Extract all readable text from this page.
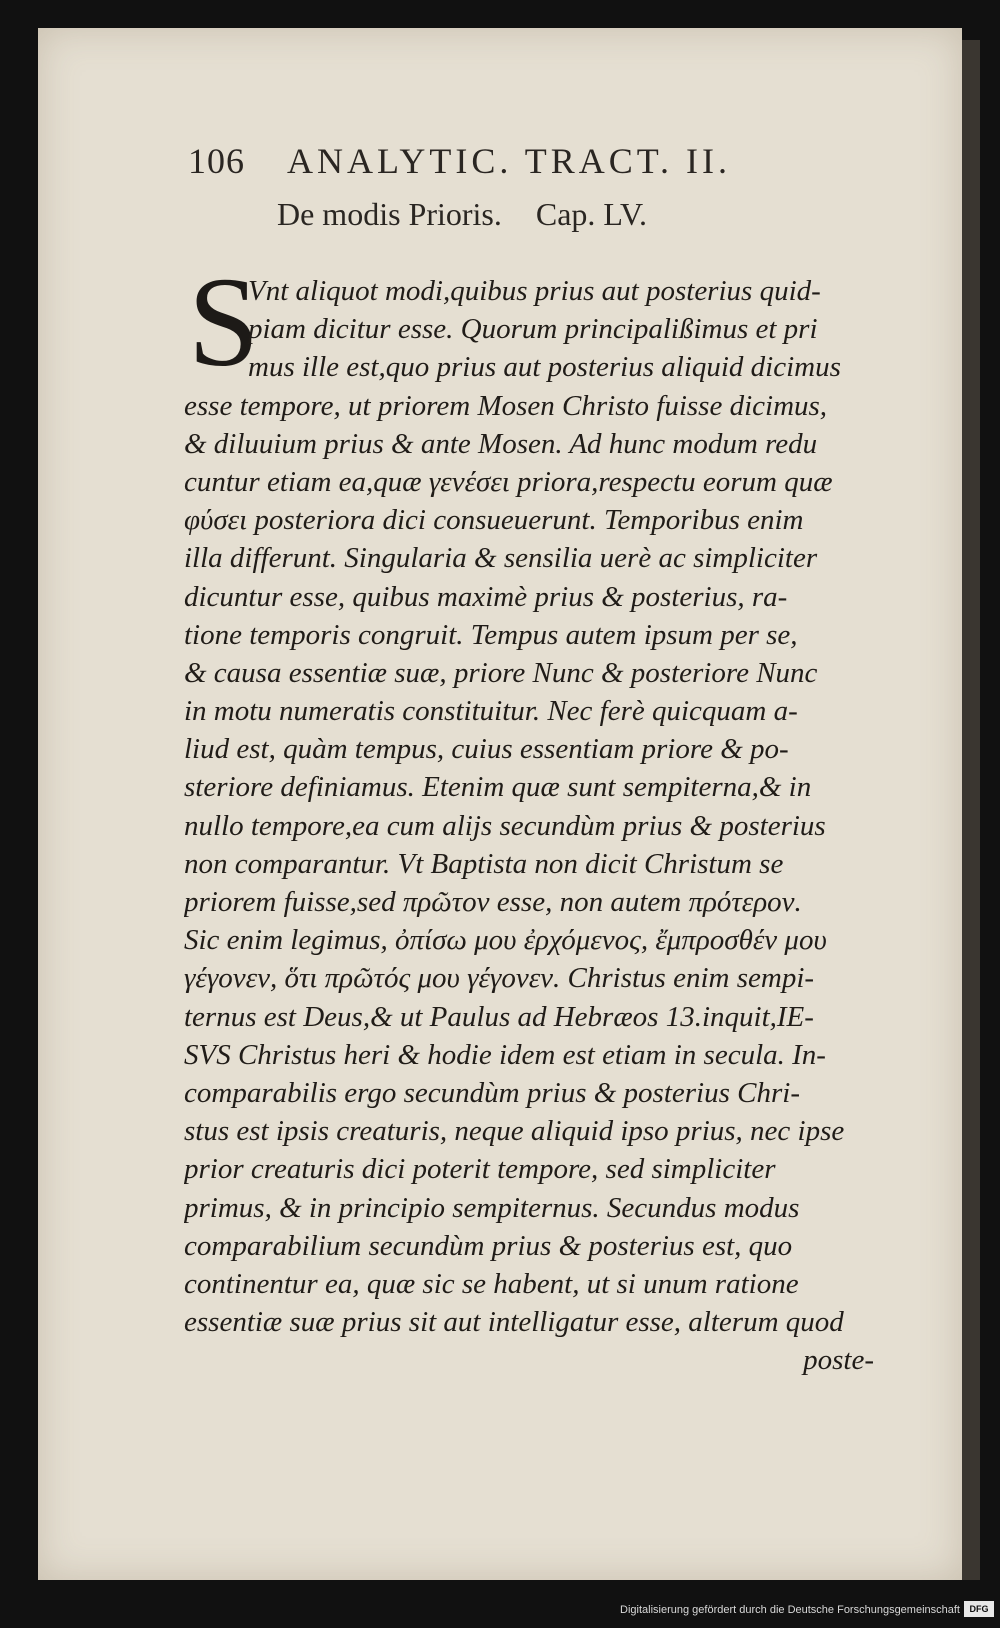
106 ANALYTIC. TRACT. II.
De modis Prioris. Cap. LV.
S
Vnt aliquot modi,quibus prius aut posterius quid-
piam dicitur esse. Quorum principalißimus et pri
mus ille est,quo prius aut posterius aliquid dicimus
esse tempore, ut priorem Mosen Christo fuisse dicimus,
& diluuium prius & ante Mosen. Ad hunc modum redu
cuntur etiam ea,quæ γενέσει priora,respectu eorum quæ
φύσει posteriora dici consueuerunt. Temporibus enim
illa differunt. Singularia & sensilia uerè ac simpliciter
dicuntur esse, quibus maximè prius & posterius, ra-
tione temporis congruit. Tempus autem ipsum per se,
& causa essentiæ suæ, priore Nunc & posteriore Nunc
in motu numeratis constituitur. Nec ferè quicquam a-
liud est, quàm tempus, cuius essentiam priore & po-
steriore definiamus. Etenim quæ sunt sempiterna,& in
nullo tempore,ea cum alijs secundùm prius & posterius
non comparantur. Vt Baptista non dicit Christum se
priorem fuisse,sed πρῶτον esse, non autem πρότερον.
Sic enim legimus, ὀπίσω μου ἐρχόμενος, ἔμπροσθέν μου
γέγονεν, ὅτι πρῶτός μου γέγονεν. Christus enim sempi-
ternus est Deus,& ut Paulus ad Hebræos 13.inquit,IE-
SVS Christus heri & hodie idem est etiam in secula. In-
comparabilis ergo secundùm prius & posterius Chri-
stus est ipsis creaturis, neque aliquid ipso prius, nec ipse
prior creaturis dici poterit tempore, sed simpliciter
primus, & in principio sempiternus. Secundus modus
comparabilium secundùm prius & posterius est, quo
continentur ea, quæ sic se habent, ut si unum ratione
essentiæ suæ prius sit aut intelligatur esse, alterum quod
poste-
Digitalisierung gefördert durch die Deutsche Forschungsgemeinschaft	DFG
